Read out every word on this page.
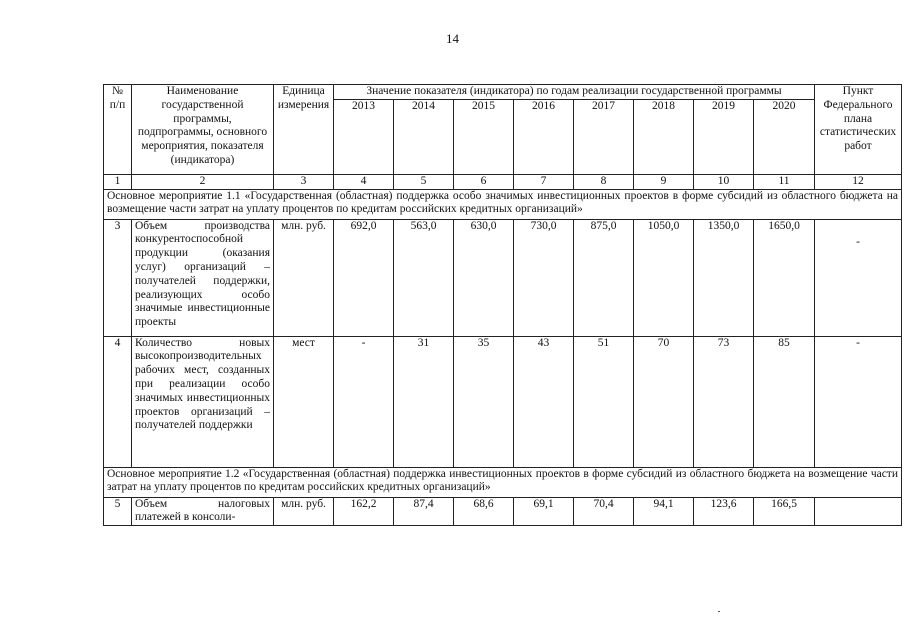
14
№ п/п	Наименование государственной программы, подпрограммы, основного мероприятия, показателя (индикатора)	Единица измерения	Значение показателя (индикатора) по годам реализации государственной программы								Пункт Федерального плана статистических работ
			2013	2014	2015	2016	2017	2018	2019	2020	
1	2	3	4	5	6	7	8	9	10	11	12
Основное мероприятие 1.1 «Государственная (областная) поддержка особо значимых инвестиционных проектов в форме субсидий из областного бюджета на возмещение части затрат на уплату процентов по кредитам российских кредитных организаций»											
3	Объем производства конкурентоспособной продукции (оказания услуг) организаций – получателей поддержки, реализующих особо значимые инвестиционные проекты	млн. руб.	692,0	563,0	630,0	730,0	875,0	1050,0	1350,0	1650,0	-
4	Количество новых высокопроизводительных рабочих мест, созданных при реализации особо значимых инвестиционных проектов организаций – получателей поддержки	мест	-	31	35	43	51	70	73	85	-
Основное мероприятие 1.2 «Государственная (областная) поддержка инвестиционных проектов в форме субсидий из областного бюджета на возмещение части затрат на уплату процентов по кредитам российских кредитных организаций»											
5	Объем налоговых платежей в консоли-	млн. руб.	162,2	87,4	68,6	69,1	70,4	94,1	123,6	166,5	
